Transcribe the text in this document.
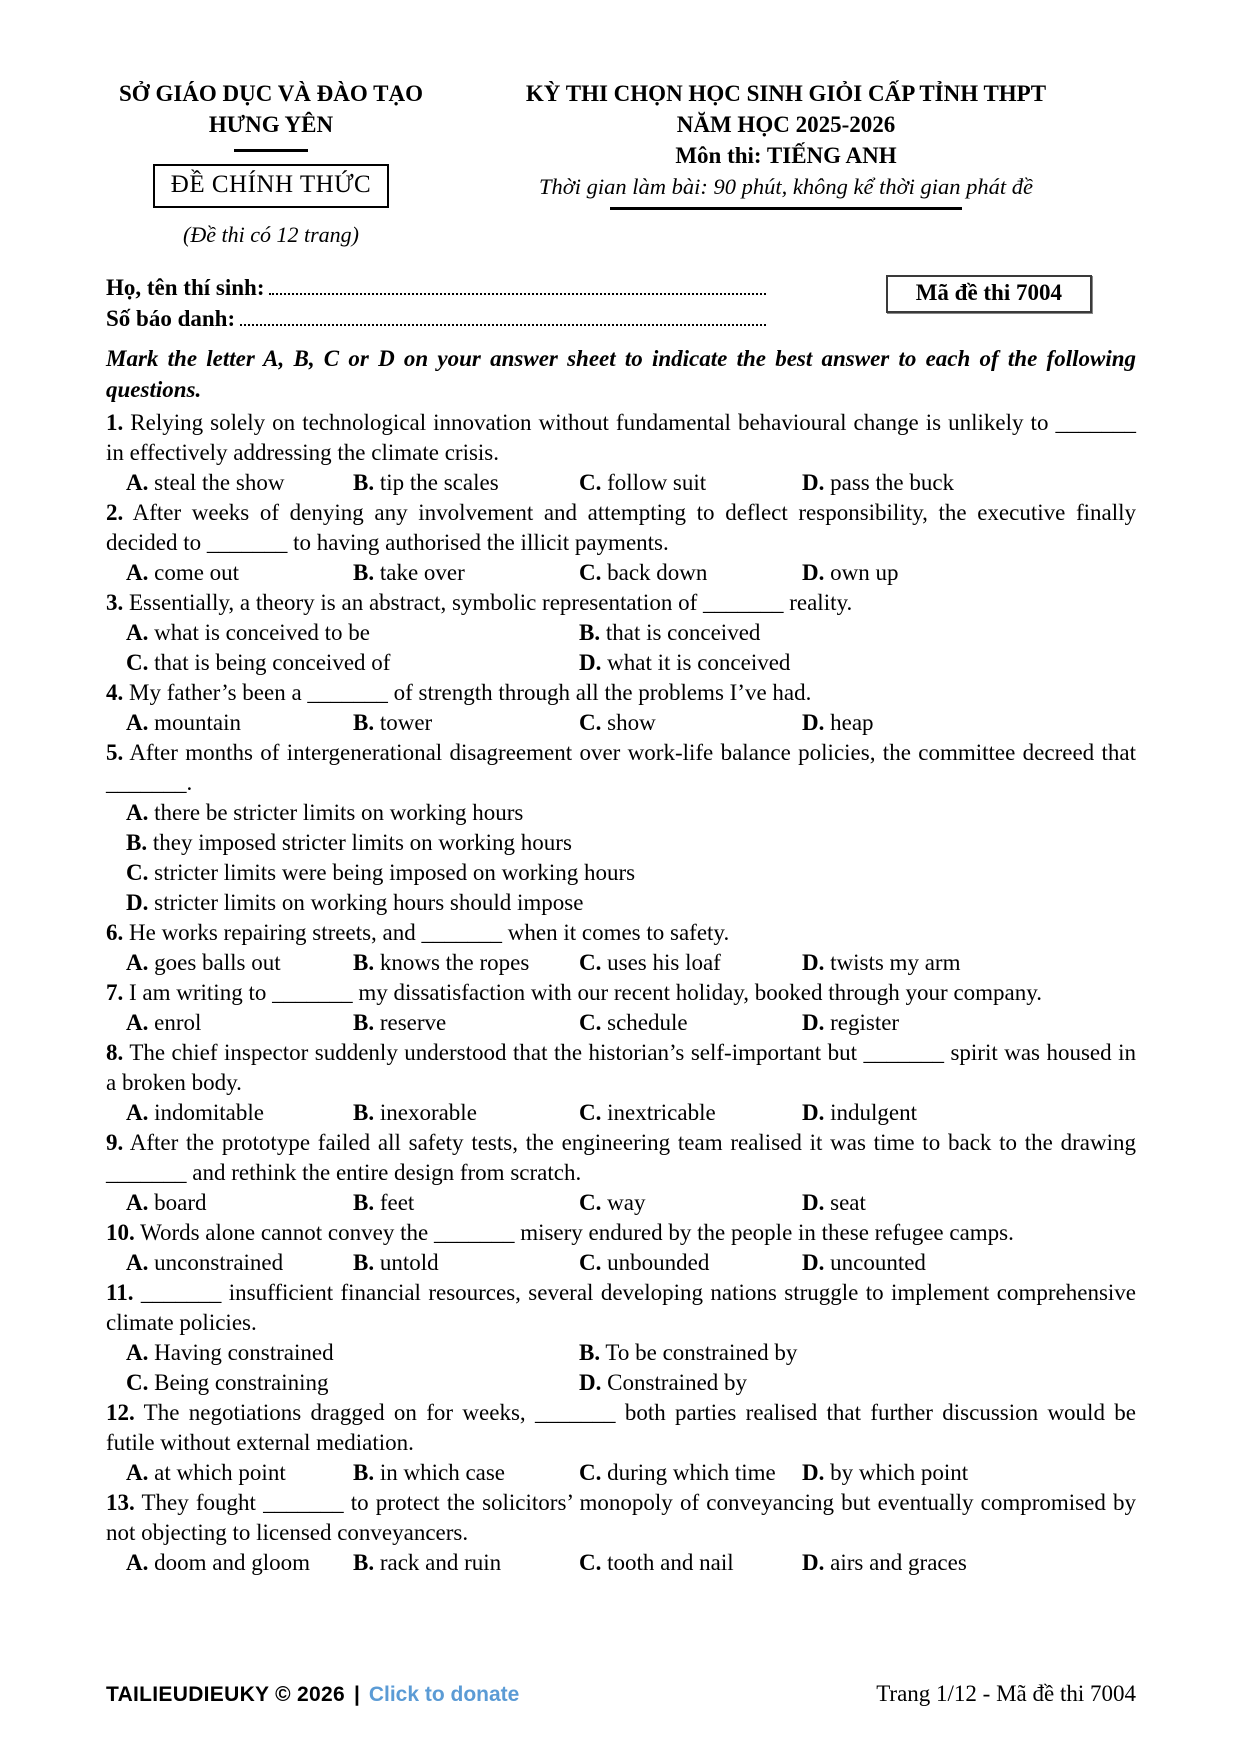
SỞ GIÁO DỤC VÀ ĐÀO TẠO
HƯNG YÊN
ĐỀ CHÍNH THỨC
(Đề thi có 12 trang)
KỲ THI CHỌN HỌC SINH GIỎI CẤP TỈNH THPT
NĂM HỌC 2025-2026
Môn thi: TIẾNG ANH
Thời gian làm bài: 90 phút, không kể thời gian phát đề
Họ, tên thí sinh:
Số báo danh:
Mã đề thi 7004

Mark the letter A, B, C or D on your answer sheet to indicate the best answer to each of the following questions.

1. Relying solely on technological innovation without fundamental behavioural change is unlikely to _______ in effectively addressing the climate crisis.

A. steal the show	B. tip the scales	C. follow suit	D. pass the buck

2. After weeks of denying any involvement and attempting to deflect responsibility, the executive finally decided to _______ to having authorised the illicit payments.

A. come out	B. take over	C. back down	D. own up

3. Essentially, a theory is an abstract, symbolic representation of _______ reality.

A. what is conceived to be	B. that is conceived
C. that is being conceived of	D. what it is conceived

4. My father’s been a _______ of strength through all the problems I’ve had.

A. mountain	B. tower	C. show	D. heap

5. After months of intergenerational disagreement over work-life balance policies, the committee decreed that _______.

A. there be stricter limits on working hours
B. they imposed stricter limits on working hours
C. stricter limits were being imposed on working hours
D. stricter limits on working hours should impose

6. He works repairing streets, and _______ when it comes to safety.

A. goes balls out	B. knows the ropes	C. uses his loaf	D. twists my arm

7. I am writing to _______ my dissatisfaction with our recent holiday, booked through your company.

A. enrol	B. reserve	C. schedule	D. register

8. The chief inspector suddenly understood that the historian’s self-important but _______ spirit was housed in a broken body.

A. indomitable	B. inexorable	C. inextricable	D. indulgent

9. After the prototype failed all safety tests, the engineering team realised it was time to back to the drawing _______ and rethink the entire design from scratch.

A. board	B. feet	C. way	D. seat

10. Words alone cannot convey the _______ misery endured by the people in these refugee camps.

A. unconstrained	B. untold	C. unbounded	D. uncounted

11. _______ insufficient financial resources, several developing nations struggle to implement comprehensive climate policies.

A. Having constrained	B. To be constrained by
C. Being constraining	D. Constrained by

12. The negotiations dragged on for weeks, _______ both parties realised that further discussion would be futile without external mediation.

A. at which point	B. in which case	C. during which time	D. by which point

13. They fought _______ to protect the solicitors’ monopoly of conveyancing but eventually compromised by not objecting to licensed conveyancers.

A. doom and gloom	B. rack and ruin	C. tooth and nail	D. airs and graces
TAILIEUDIEUKY © 2026 | Click to donate	Trang 1/12 - Mã đề thi 7004
